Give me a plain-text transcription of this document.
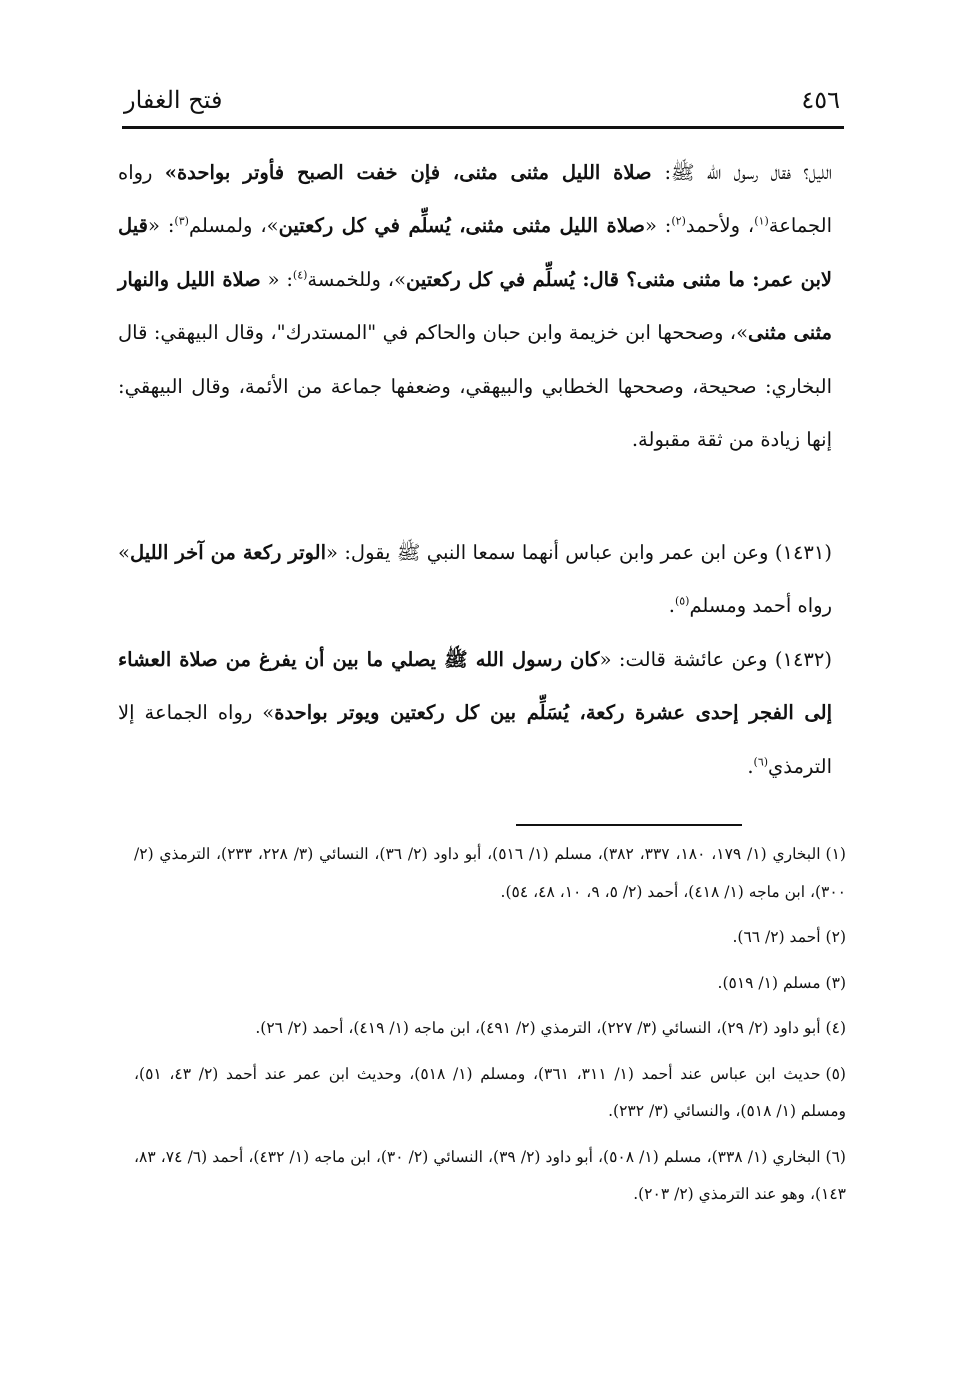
٤٥٦
فتح الغفار

الليل؟ فقال رسول الله ﷺ: صلاة الليل مثنى مثنى، فإن خفت الصبح فأوتر بواحدة» رواه الجماعة$^{(١)}$، ولأحمد$^{(٢)}$: «صلاة الليل مثنى مثنى، يُسلِّم في كل ركعتين»، ولمسلم$^{(٣)}$: «قيل لابن عمر: ما مثنى مثنى؟ قال: يُسلِّم في كل ركعتين»، وللخمسة$^{(٤)}$: « صلاة الليل والنهار مثنى مثنى»، وصححها ابن خزيمة وابن حبان والحاكم في "المستدرك"، وقال البيهقي: قال البخاري: صحيحة، وصححها الخطابي والبيهقي، وضعفها جماعة من الأئمة، وقال البيهقي: إنها زيادة من ثقة مقبولة.

(١٤٣١) وعن ابن عمر وابن عباس أنهما سمعا النبي ﷺ يقول: «الوتر ركعة من آخر الليل» رواه أحمد ومسلم$^{(٥)}$.

(١٤٣٢) وعن عائشة قالت: «كان رسول الله ﷺ يصلي ما بين أن يفرغ من صلاة العشاء إلى الفجر إحدى عشرة ركعة، يُسَلِّم بين كل ركعتين ويوتر بواحدة» رواه الجماعة إلا الترمذي$^{(٦)}$.

(١)البخاري (١/ ١٧٩، ١٨٠، ٣٣٧، ٣٨٢)، مسلم (١/ ٥١٦)، أبو داود (٢/ ٣٦)، النسائي (٣/ ٢٢٨، ٢٣٣)، الترمذي (٢/ ٣٠٠)، ابن ماجه (١/ ٤١٨)، أحمد (٢/ ٥، ٩، ١٠، ٤٨، ٥٤).

(٢)أحمد (٢/ ٦٦).

(٣)مسلم (١/ ٥١٩).

(٤)أبو داود (٢/ ٢٩)، النسائي (٣/ ٢٢٧)، الترمذي (٢/ ٤٩١)، ابن ماجه (١/ ٤١٩)، أحمد (٢/ ٢٦).

(٥)حديث ابن عباس عند أحمد (١/ ٣١١، ٣٦١)، ومسلم (١/ ٥١٨)، وحديث ابن عمر عند أحمد (٢/ ٤٣، ٥١)، ومسلم (١/ ٥١٨)، والنسائي (٣/ ٢٣٢).

(٦)البخاري (١/ ٣٣٨)، مسلم (١/ ٥٠٨)، أبو داود (٢/ ٣٩)، النسائي (٢/ ٣٠)، ابن ماجه (١/ ٤٣٢)، أحمد (٦/ ٧٤، ٨٣، ١٤٣)، وهو عند الترمذي (٢/ ٢٠٣).
